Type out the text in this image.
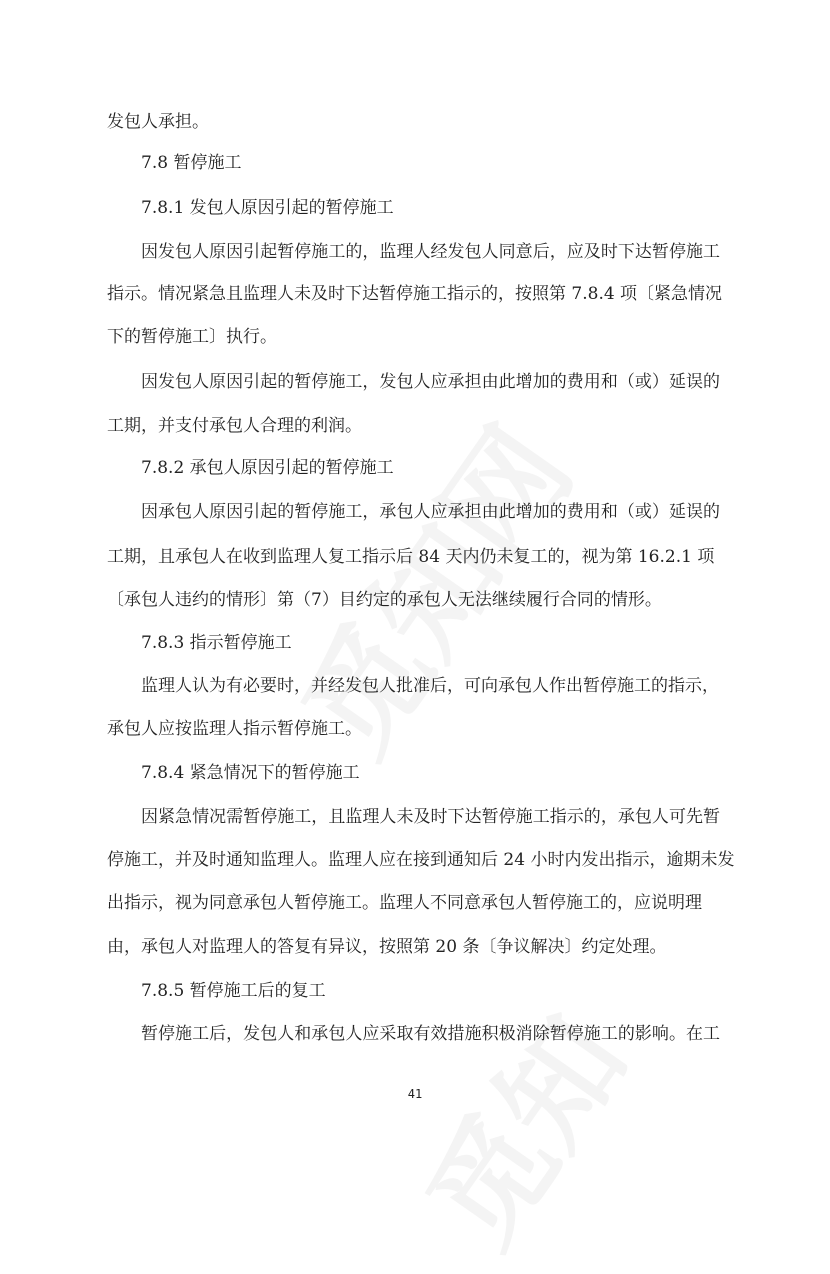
发包人承担。
7.8 暂停施工
7.8.1 发包人原因引起的暂停施工
因发包人原因引起暂停施工的，监理人经发包人同意后，应及时下达暂停施工
指示。情况紧急且监理人未及时下达暂停施工指示的，按照第 7.8.4 项〔紧急情况
下的暂停施工〕执行。
因发包人原因引起的暂停施工，发包人应承担由此增加的费用和（或）延误的
工期，并支付承包人合理的利润。
7.8.2 承包人原因引起的暂停施工
因承包人原因引起的暂停施工，承包人应承担由此增加的费用和（或）延误的
工期，且承包人在收到监理人复工指示后 84 天内仍未复工的，视为第 16.2.1 项
〔承包人违约的情形〕第（7）目约定的承包人无法继续履行合同的情形。
7.8.3 指示暂停施工
监理人认为有必要时，并经发包人批准后，可向承包人作出暂停施工的指示，
承包人应按监理人指示暂停施工。
7.8.4 紧急情况下的暂停施工
因紧急情况需暂停施工，且监理人未及时下达暂停施工指示的，承包人可先暂
停施工，并及时通知监理人。监理人应在接到通知后 24 小时内发出指示，逾期未发
出指示，视为同意承包人暂停施工。监理人不同意承包人暂停施工的，应说明理
由，承包人对监理人的答复有异议，按照第 20 条〔争议解决〕约定处理。
7.8.5 暂停施工后的复工
暂停施工后，发包人和承包人应采取有效措施积极消除暂停施工的影响。在工
41
